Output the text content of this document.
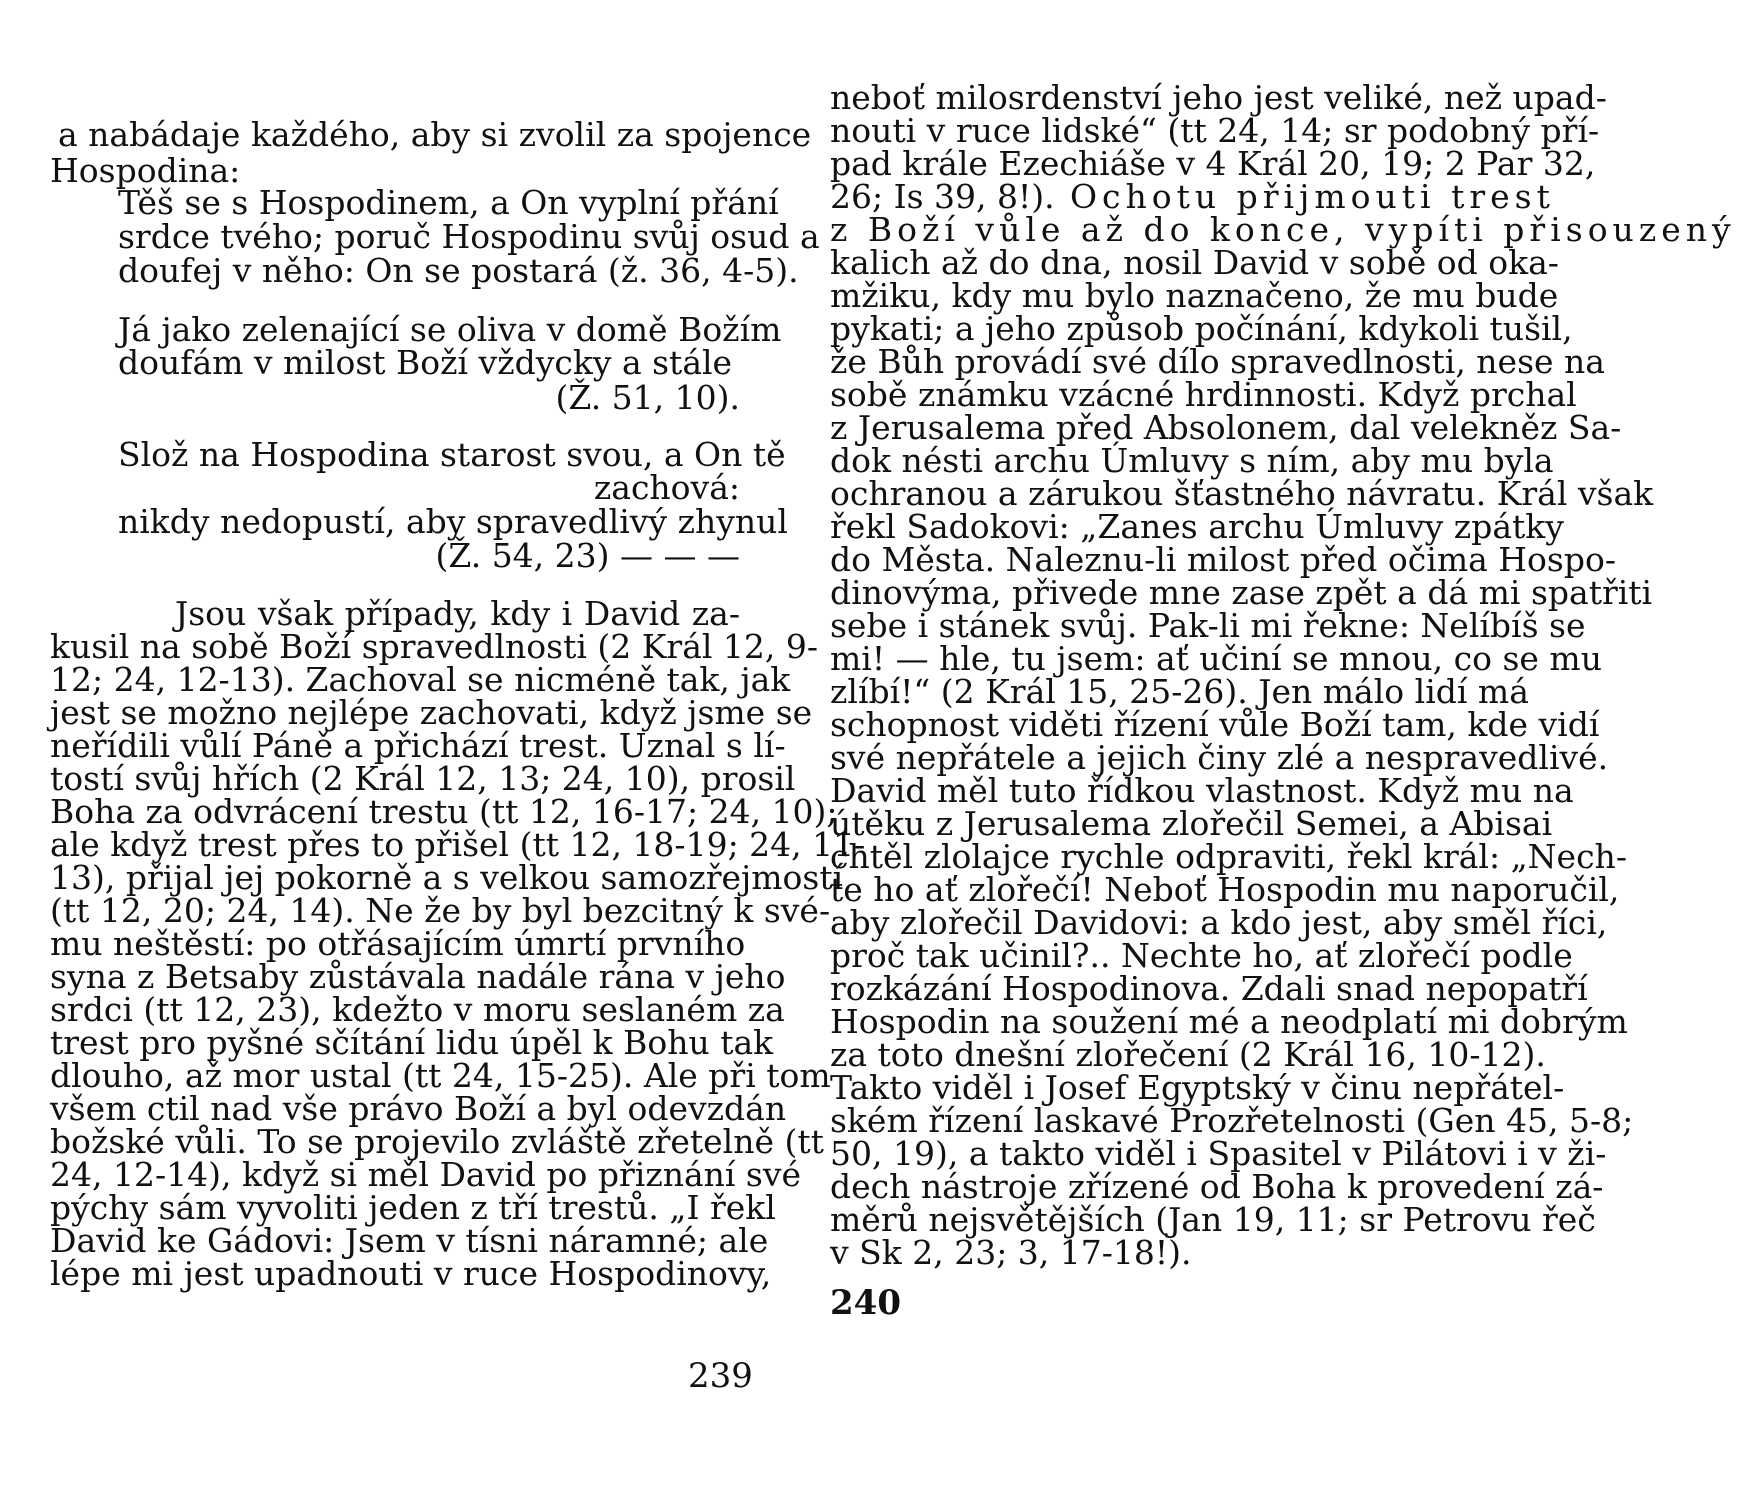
a nabádaje každého, aby si zvolil za spojence
Hospodina:
Těš se s Hospodinem, a On vyplní přání
srdce tvého; poruč Hospodinu svůj osud a
doufej v něho: On se postará (ž. 36, 4-5).
Já jako zelenající se oliva v domě Božím
doufám v milost Boží vždycky a stále
(Ž. 51, 10).
Slož na Hospodina starost svou, a On tě
zachová:
nikdy nedopustí, aby spravedlivý zhynul
(Ž. 54, 23) — — —
Jsou však případy, kdy i David za-
kusil na sobě Boží spravedlnosti (2 Král 12, 9-
12; 24, 12-13). Zachoval se nicméně tak, jak
jest se možno nejlépe zachovati, když jsme se
neřídili vůlí Páně a přichází trest. Uznal s lí-
tostí svůj hřích (2 Král 12, 13; 24, 10), prosil
Boha za odvrácení trestu (tt 12, 16-17; 24, 10);
ale když trest přes to přišel (tt 12, 18-19; 24, 11-
13), přijal jej pokorně a s velkou samozřejmostí
(tt 12, 20; 24, 14). Ne že by byl bezcitný k své-
mu neštěstí: po otřásajícím úmrtí prvního
syna z Betsaby zůstávala nadále rána v jeho
srdci (tt 12, 23), kdežto v moru seslaném za
trest pro pyšné sčítání lidu úpěl k Bohu tak
dlouho, až mor ustal (tt 24, 15-25). Ale při tom
všem ctil nad vše právo Boží a byl odevzdán
božské vůli. To se projevilo zvláště zřetelně (tt
24, 12-14), když si měl David po přiznání své
pýchy sám vyvoliti jeden z tří trestů. „I řekl
David ke Gádovi: Jsem v tísni náramné; ale
lépe mi jest upadnouti v ruce Hospodinovy,
239
neboť milosrdenství jeho jest veliké, než upad-
nouti v ruce lidské“ (tt 24, 14; sr podobný pří-
pad krále Ezechiáše v 4 Král 20, 19; 2 Par 32,
26; Is 39, 8!). Ochotu přijmouti trest
z Boží vůle až do konce, vypíti přisouzený
kalich až do dna, nosil David v sobě od oka-
mžiku, kdy mu bylo naznačeno, že mu bude
pykati; a jeho způsob počínání, kdykoli tušil,
že Bůh provádí své dílo spravedlnosti, nese na
sobě známku vzácné hrdinnosti. Když prchal
z Jerusalema před Absolonem, dal velekněz Sa-
dok nésti archu Úmluvy s ním, aby mu byla
ochranou a zárukou šťastného návratu. Král však
řekl Sadokovi: „Zanes archu Úmluvy zpátky
do Města. Naleznu-li milost před očima Hospo-
dinovýma, přivede mne zase zpět a dá mi spatřiti
sebe i stánek svůj. Pak-li mi řekne: Nelíbíš se
mi! — hle, tu jsem: ať učiní se mnou, co se mu
zlíbí!“ (2 Král 15, 25-26). Jen málo lidí má
schopnost viděti řízení vůle Boží tam, kde vidí
své nepřátele a jejich činy zlé a nespravedlivé.
David měl tuto řídkou vlastnost. Když mu na
útěku z Jerusalema zlořečil Semei, a Abisai
chtěl zlolajce rychle odpraviti, řekl král: „Nech-
te ho ať zlořečí! Neboť Hospodin mu naporučil,
aby zlořečil Davidovi: a kdo jest, aby směl říci,
proč tak učinil?.. Nechte ho, ať zlořečí podle
rozkázání Hospodinova. Zdali snad nepopatří
Hospodin na soužení mé a neodplatí mi dobrým
za toto dnešní zlořečení (2 Král 16, 10-12).
Takto viděl i Josef Egyptský v činu nepřátel-
ském řízení laskavé Prozřetelnosti (Gen 45, 5-8;
50, 19), a takto viděl i Spasitel v Pilátovi i v ži-
dech nástroje zřízené od Boha k provedení zá-
měrů nejsvětějších (Jan 19, 11; sr Petrovu řeč
v Sk 2, 23; 3, 17-18!).
240
